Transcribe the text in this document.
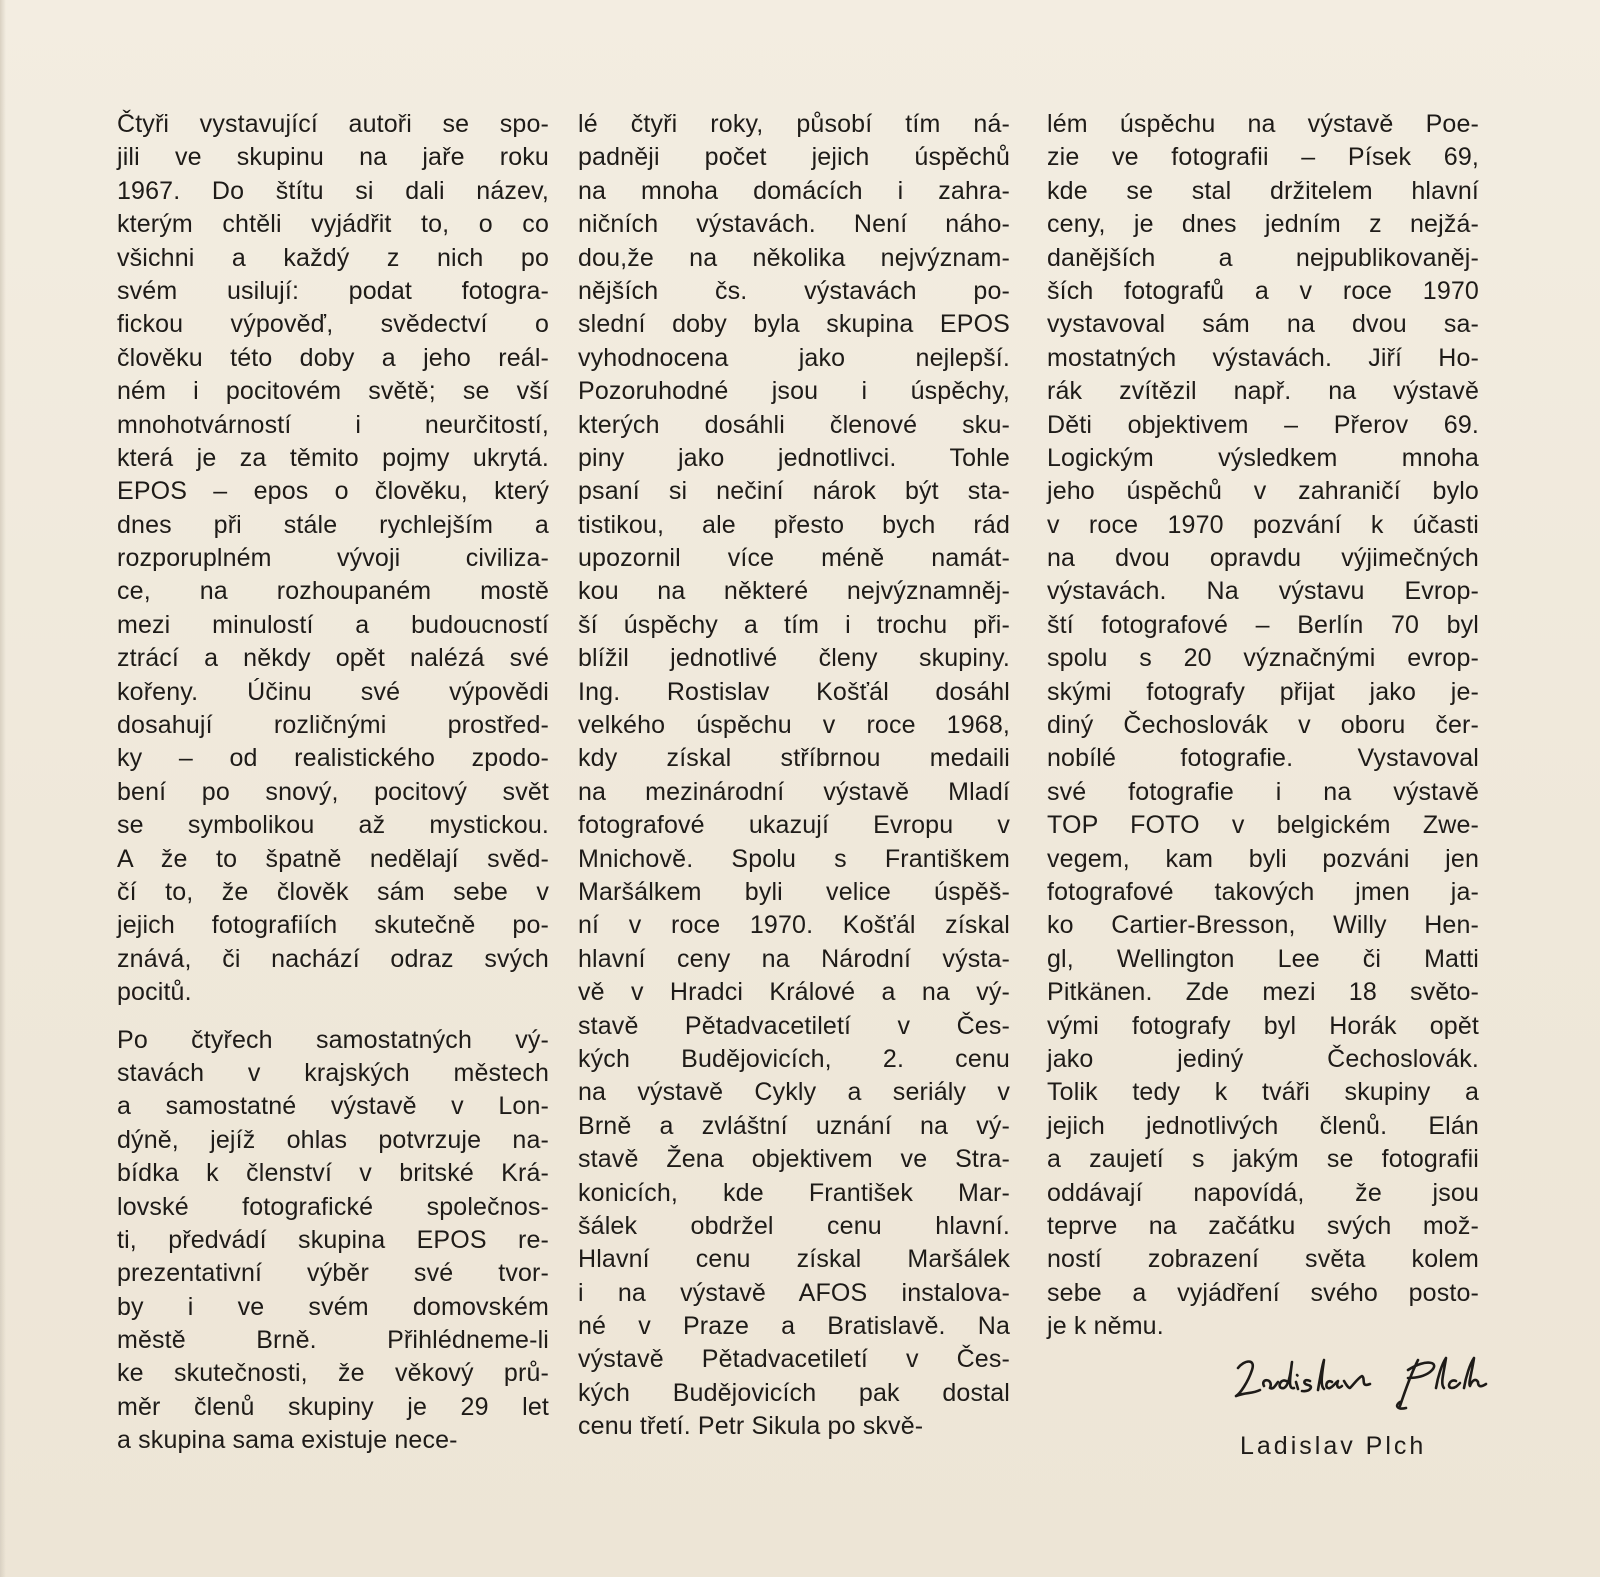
Čtyři vystavující autoři se spo-
jili ve skupinu na jaře roku
1967. Do štítu si dali název,
kterým chtěli vyjádřit to, o co
všichni a každý z nich po
svém usilují: podat fotogra-
fickou výpověď, svědectví o
člověku této doby a jeho reál-
ném i pocitovém světě; se vší
mnohotvárností i neurčitostí,
která je za těmito pojmy ukrytá.
EPOS – epos o člověku, který
dnes při stále rychlejším a
rozporuplném vývoji civiliza-
ce, na rozhoupaném mostě
mezi minulostí a budoucností
ztrácí a někdy opět nalézá své
kořeny. Účinu své výpovědi
dosahují rozličnými prostřed-
ky – od realistického zpodo-
bení po snový, pocitový svět
se symbolikou až mystickou.
A že to špatně nedělají svěd-
čí to, že člověk sám sebe v
jejich fotografiích skutečně po-
znává, či nachází odraz svých
pocitů.
Po čtyřech samostatných vý-
stavách v krajských městech
a samostatné výstavě v Lon-
dýně, jejíž ohlas potvrzuje na-
bídka k členství v britské Krá-
lovské fotografické společnos-
ti, předvádí skupina EPOS re-
prezentativní výběr své tvor-
by i ve svém domovském
městě Brně. Přihlédneme-li
ke skutečnosti, že věkový prů-
měr členů skupiny je 29 let
a skupina sama existuje nece-
lé čtyři roky, působí tím ná-
padněji počet jejich úspěchů
na mnoha domácích i zahra-
ničních výstavách. Není náho-
dou,že na několika nejvýznam-
nějších čs. výstavách po-
slední doby byla skupina EPOS
vyhodnocena jako nejlepší.
Pozoruhodné jsou i úspěchy,
kterých dosáhli členové sku-
piny jako jednotlivci. Tohle
psaní si nečiní nárok být sta-
tistikou, ale přesto bych rád
upozornil více méně namát-
kou na některé nejvýznamněj-
ší úspěchy a tím i trochu při-
blížil jednotlivé členy skupiny.
Ing. Rostislav Košťál dosáhl
velkého úspěchu v roce 1968,
kdy získal stříbrnou medaili
na mezinárodní výstavě Mladí
fotografové ukazují Evropu v
Mnichově. Spolu s Františkem
Maršálkem byli velice úspěš-
ní v roce 1970. Košťál získal
hlavní ceny na Národní výsta-
vě v Hradci Králové a na vý-
stavě Pětadvacetiletí v Čes-
kých Budějovicích, 2. cenu
na výstavě Cykly a seriály v
Brně a zvláštní uznání na vý-
stavě Žena objektivem ve Stra-
konicích, kde František Mar-
šálek obdržel cenu hlavní.
Hlavní cenu získal Maršálek
i na výstavě AFOS instalova-
né v Praze a Bratislavě. Na
výstavě Pětadvacetiletí v Čes-
kých Budějovicích pak dostal
cenu třetí. Petr Sikula po skvě-
lém úspěchu na výstavě Poe-
zie ve fotografii – Písek 69,
kde se stal držitelem hlavní
ceny, je dnes jedním z nejžá-
danějších a nejpublikovaněj-
ších fotografů a v roce 1970
vystavoval sám na dvou sa-
mostatných výstavách. Jiří Ho-
rák zvítězil např. na výstavě
Děti objektivem – Přerov 69.
Logickým výsledkem mnoha
jeho úspěchů v zahraničí bylo
v roce 1970 pozvání k účasti
na dvou opravdu výjimečných
výstavách. Na výstavu Evrop-
ští fotografové – Berlín 70 byl
spolu s 20 význačnými evrop-
skými fotografy přijat jako je-
diný Čechoslovák v oboru čer-
nobílé fotografie. Vystavoval
své fotografie i na výstavě
TOP FOTO v belgickém Zwe-
vegem, kam byli pozváni jen
fotografové takových jmen ja-
ko Cartier-Bresson, Willy Hen-
gl, Wellington Lee či Matti
Pitkänen. Zde mezi 18 světo-
vými fotografy byl Horák opět
jako jediný Čechoslovák.
Tolik tedy k tváři skupiny a
jejich jednotlivých členů. Elán
a zaujetí s jakým se fotografii
oddávají napovídá, že jsou
teprve na začátku svých mož-
ností zobrazení světa kolem
sebe a vyjádření svého posto-
je k němu.
Ladislav Plch
